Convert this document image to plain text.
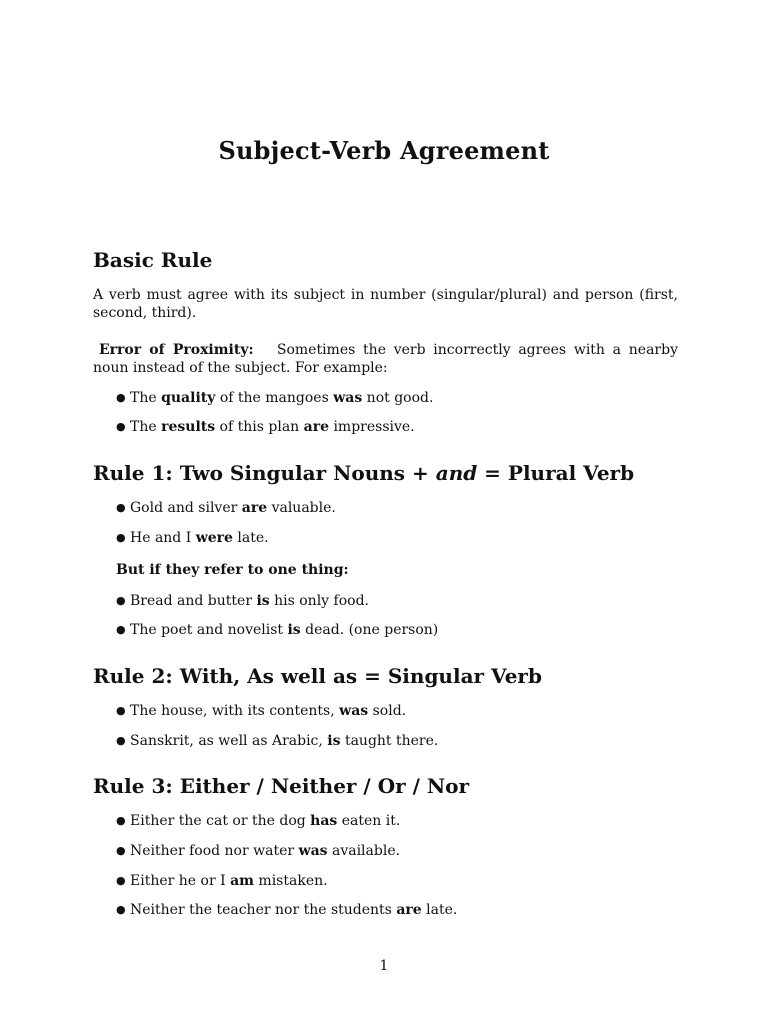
Subject-Verb Agreement
Basic Rule

A verb must agree with its subject in number (singular/plural) and person (first, second, third).

Error of Proximity: Sometimes the verb incorrectly agrees with a nearby noun instead of the subject. For example:

● The quality of the mangoes was not good.

● The results of this plan are impressive.

Rule 1: Two Singular Nouns + and = Plural Verb

● Gold and silver are valuable.

● He and I were late.

But if they refer to one thing:

● Bread and butter is his only food.

● The poet and novelist is dead. (one person)

Rule 2: With, As well as = Singular Verb

● The house, with its contents, was sold.

● Sanskrit, as well as Arabic, is taught there.

Rule 3: Either / Neither / Or / Nor

● Either the cat or the dog has eaten it.

● Neither food nor water was available.

● Either he or I am mistaken.

● Neither the teacher nor the students are late.

1
